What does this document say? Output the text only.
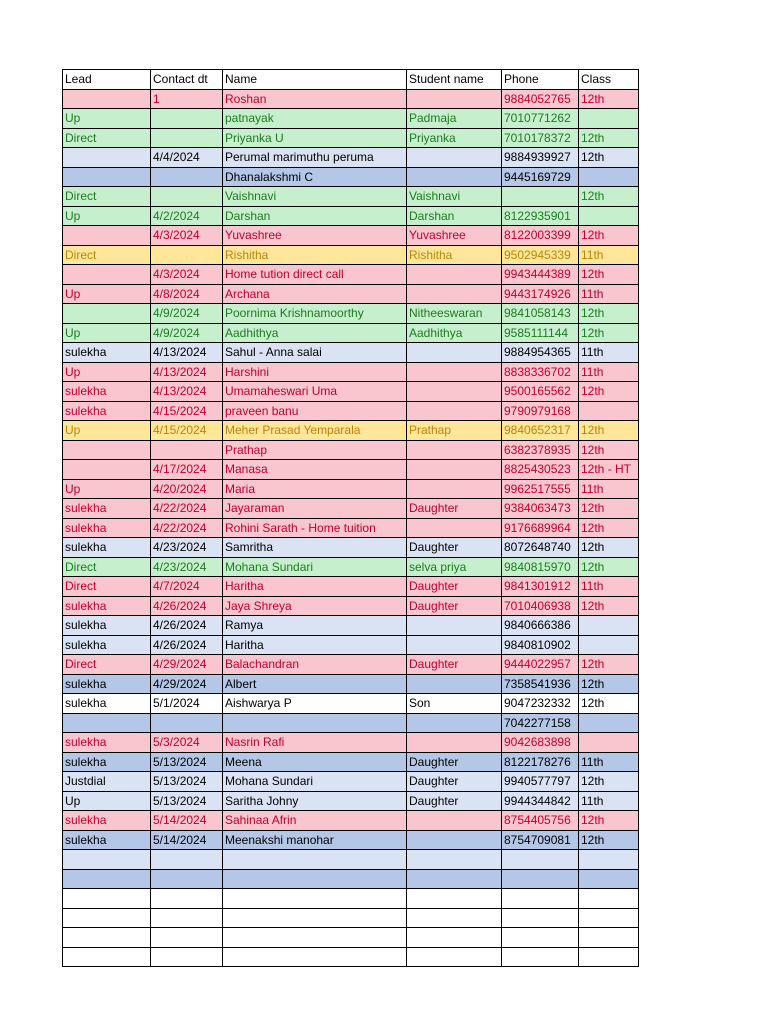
Lead	Contact dt	Name	Student name	Phone	Class
	1	Roshan		9884052765	12th
Up		patnayak	Padmaja	7010771262	
Direct		Priyanka U	Priyanka	7010178372	12th
	4/4/2024	Perumal marimuthu peruma		9884939927	12th
		Dhanalakshmi C		9445169729	
Direct		Vaishnavi	Vaishnavi		12th
Up	4/2/2024	Darshan	Darshan	8122935901	
	4/3/2024	Yuvashree	Yuvashree	8122003399	12th
Direct		Rishitha	Rishitha	9502945339	11th
	4/3/2024	Home tution direct call		9943444389	12th
Up	4/8/2024	Archana		9443174926	11th
	4/9/2024	Poornima Krishnamoorthy	Nitheeswaran	9841058143	12th
Up	4/9/2024	Aadhithya	Aadhithya	9585111144	12th
sulekha	4/13/2024	Sahul - Anna salai		9884954365	11th
Up	4/13/2024	Harshini		8838336702	11th
sulekha	4/13/2024	Umamaheswari Uma		9500165562	12th
sulekha	4/15/2024	praveen banu		9790979168	
Up	4/15/2024	Meher Prasad Yemparala	Prathap	9840652317	12th
		Prathap		6382378935	12th
	4/17/2024	Manasa		8825430523	12th - HT
Up	4/20/2024	Maria		9962517555	11th
sulekha	4/22/2024	Jayaraman	Daughter	9384063473	12th
sulekha	4/22/2024	Rohini Sarath - Home tuition		9176689964	12th
sulekha	4/23/2024	Samritha	Daughter	8072648740	12th
Direct	4/23/2024	Mohana Sundari	selva priya	9840815970	12th
Direct	4/7/2024	Haritha	Daughter	9841301912	11th
sulekha	4/26/2024	Jaya Shreya	Daughter	7010406938	12th
sulekha	4/26/2024	Ramya		9840666386	
sulekha	4/26/2024	Haritha		9840810902	
Direct	4/29/2024	Balachandran	Daughter	9444022957	12th
sulekha	4/29/2024	Albert		7358541936	12th
sulekha	5/1/2024	Aishwarya P	Son	9047232332	12th
				7042277158	
sulekha	5/3/2024	Nasrin Rafi		9042683898	
sulekha	5/13/2024	Meena	Daughter	8122178276	11th
Justdial	5/13/2024	Mohana Sundari	Daughter	9940577797	12th
Up	5/13/2024	Saritha Johny	Daughter	9944344842	11th
sulekha	5/14/2024	Sahinaa Afrin		8754405756	12th
sulekha	5/14/2024	Meenakshi manohar		8754709081	12th
